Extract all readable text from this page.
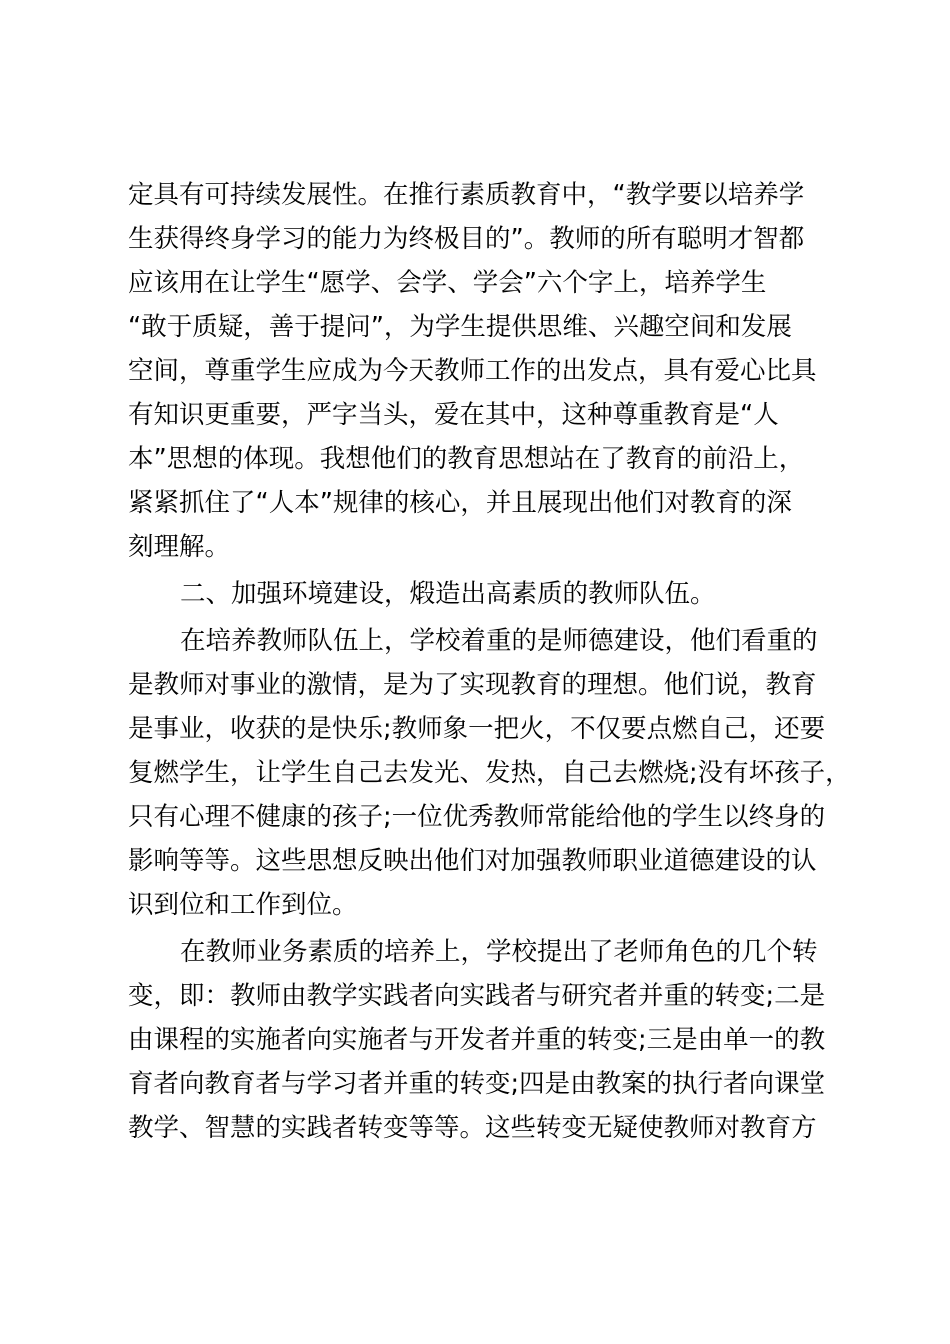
定具有可持续发展性。在推行素质教育中，“教学要以培养学
生获得终身学习的能力为终极目的”。教师的所有聪明才智都
应该用在让学生“愿学、会学、学会”六个字上，培养学生
“敢于质疑，善于提问”，为学生提供思维、兴趣空间和发展
空间，尊重学生应成为今天教师工作的出发点，具有爱心比具
有知识更重要，严字当头，爱在其中，这种尊重教育是“人
本”思想的体现。我想他们的教育思想站在了教育的前沿上，
紧紧抓住了“人本”规律的核心，并且展现出他们对教育的深
刻理解。
二、加强环境建设，煅造出高素质的教师队伍。
在培养教师队伍上，学校着重的是师德建设，他们看重的
是教师对事业的激情，是为了实现教育的理想。他们说，教育
是事业，收获的是快乐;教师象一把火，不仅要点燃自己，还要
复燃学生，让学生自己去发光、发热，自己去燃烧;没有坏孩子，
只有心理不健康的孩子;一位优秀教师常能给他的学生以终身的
影响等等。这些思想反映出他们对加强教师职业道德建设的认
识到位和工作到位。
在教师业务素质的培养上，学校提出了老师角色的几个转
变，即：教师由教学实践者向实践者与研究者并重的转变;二是
由课程的实施者向实施者与开发者并重的转变;三是由单一的教
育者向教育者与学习者并重的转变;四是由教案的执行者向课堂
教学、智慧的实践者转变等等。这些转变无疑使教师对教育方
